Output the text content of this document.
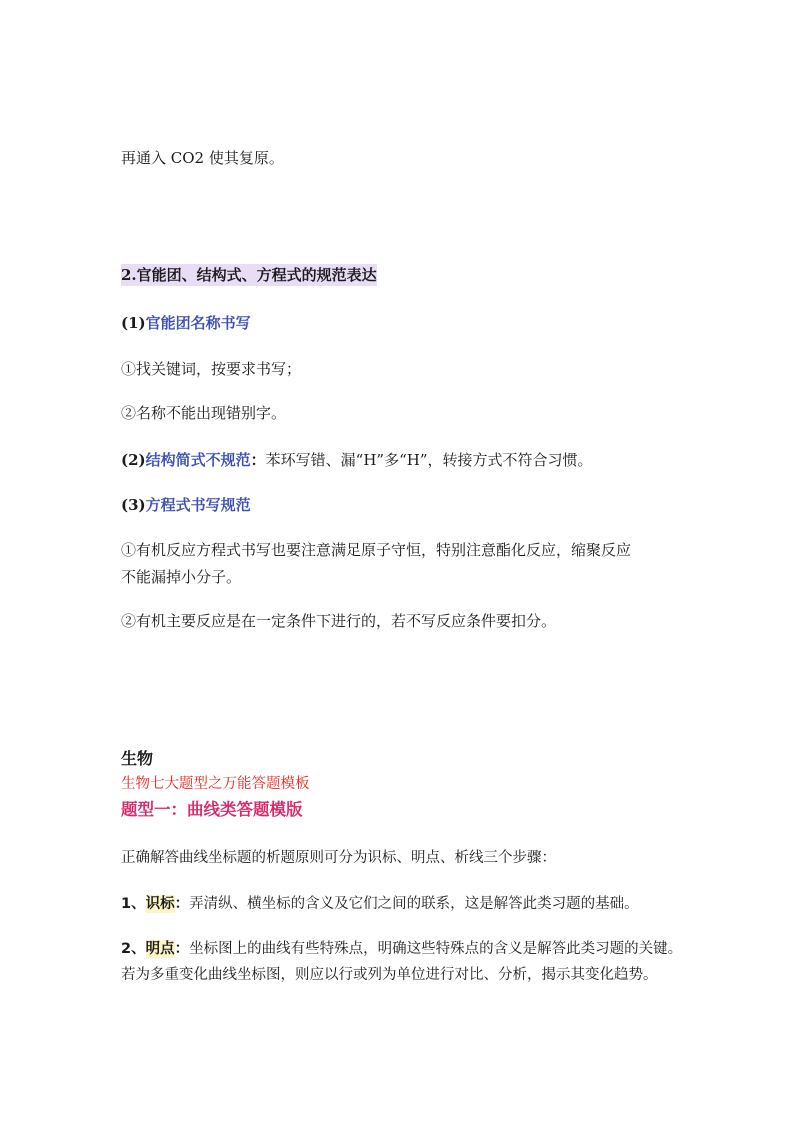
再通入 CO2 使其复原。
2.官能团、结构式、方程式的规范表达
(1)官能团名称书写
①找关键词，按要求书写；
②名称不能出现错别字。
(2)结构简式不规范：苯环写错、漏“H”多“H”，转接方式不符合习惯。
(3)方程式书写规范
①有机反应方程式书写也要注意满足原子守恒，特别注意酯化反应，缩聚反应
不能漏掉小分子。
②有机主要反应是在一定条件下进行的，若不写反应条件要扣分。
生物
生物七大题型之万能答题模板
题型一：曲线类答题模版
正确解答曲线坐标题的析题原则可分为识标、明点、析线三个步骤：
1、识标：弄清纵、横坐标的含义及它们之间的联系，这是解答此类习题的基础。
2、明点：坐标图上的曲线有些特殊点，明确这些特殊点的含义是解答此类习题的关键。
若为多重变化曲线坐标图，则应以行或列为单位进行对比、分析，揭示其变化趋势。
